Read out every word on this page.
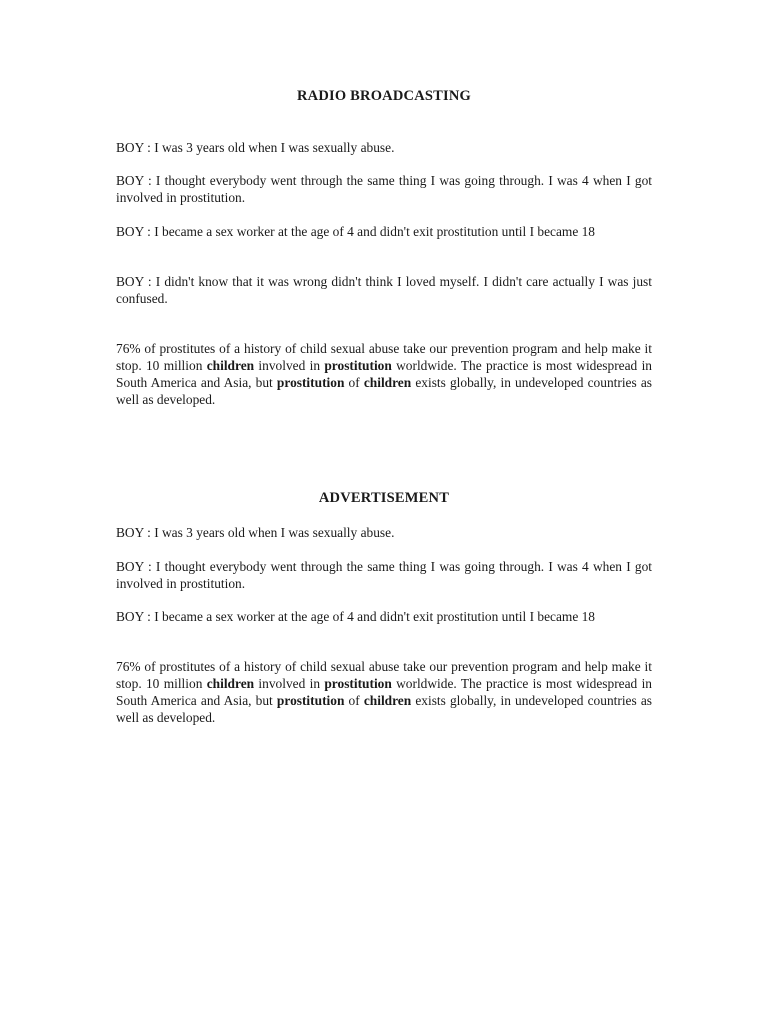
RADIO BROADCASTING

BOY : I was 3 years old when I was sexually abuse.

BOY : I thought everybody went through the same thing I was going through. I was 4 when I got involved in prostitution.

BOY : I became a sex worker at the age of 4 and didn't exit prostitution until I became 18

BOY : I didn't know that it was wrong didn't think I loved myself. I didn't care actually I was just confused.

76% of prostitutes of a history of child sexual abuse take our prevention program and help make it stop. 10 million children involved in prostitution worldwide. The practice is most widespread in South America and Asia, but prostitution of children exists globally, in undeveloped countries as well as developed.

ADVERTISEMENT

BOY : I was 3 years old when I was sexually abuse.

BOY : I thought everybody went through the same thing I was going through. I was 4 when I got involved in prostitution.

BOY : I became a sex worker at the age of 4 and didn't exit prostitution until I became 18

76% of prostitutes of a history of child sexual abuse take our prevention program and help make it stop. 10 million children involved in prostitution worldwide. The practice is most widespread in South America and Asia, but prostitution of children exists globally, in undeveloped countries as well as developed.
